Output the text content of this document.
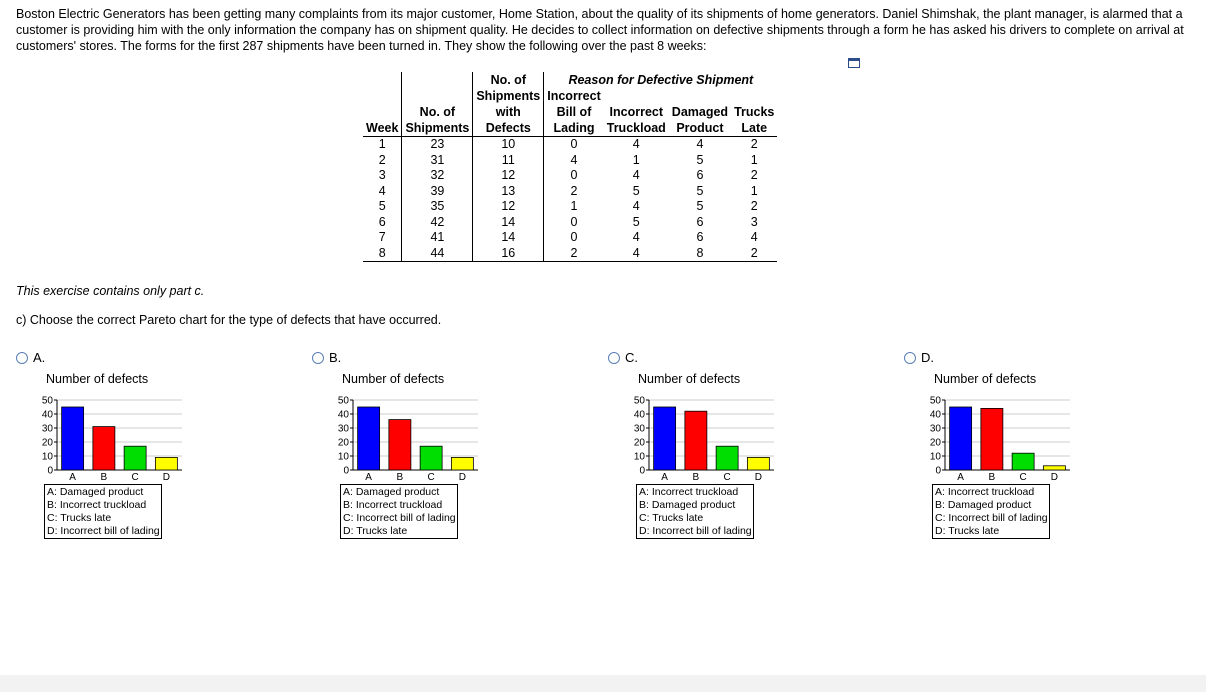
Boston Electric Generators has been getting many complaints from its major customer, Home Station, about the quality of its shipments of home generators. Daniel Shimshak, the plant manager, is alarmed that a customer is providing him with the only information the company has on shipment quality. He decides to collect information on defective shipments through a form he has asked his drivers to complete on arrival at customers' stores. The forms for the first 287 shipments have been turned in. They show the following over the past 8 weeks:
		No. of	Reason for Defective Shipment			
		Shipments	Incorrect			
	No. of	with	Bill of	Incorrect	Damaged	Trucks
Week	Shipments	Defects	Lading	Truckload	Product	Late
1	23	10	0	4	4	2
2	31	11	4	1	5	1
3	32	12	0	4	6	2
4	39	13	2	5	5	1
5	35	12	1	4	5	2
6	42	14	0	5	6	3
7	41	14	0	4	6	4
8	44	16	2	4	8	2
This exercise contains only part c.
c) Choose the correct Pareto chart for the type of defects that have occurred.
A.
Number of defects
50
40
30
20
10
0
A B C D
A: Damaged product
B: Incorrect truckload
C: Trucks late
D: Incorrect bill of lading
B.
Number of defects
50
40
30
20
10
0
A B C D
A: Damaged product
B: Incorrect truckload
C: Incorrect bill of lading
D: Trucks late
C.
Number of defects
50
40
30
20
10
0
A B C D
A: Incorrect truckload
B: Damaged product
C: Trucks late
D: Incorrect bill of lading
D.
Number of defects
50
40
30
20
10
0
A B C D
A: Incorrect truckload
B: Damaged product
C: Incorrect bill of lading
D: Trucks late
